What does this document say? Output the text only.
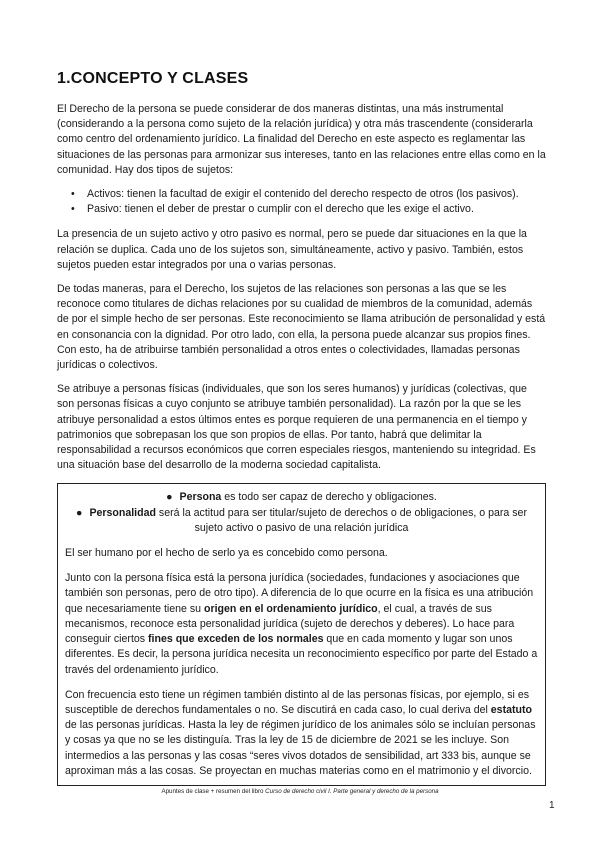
1.CONCEPTO Y CLASES

El Derecho de la persona se puede considerar de dos maneras distintas, una más instrumental (considerando a la persona como sujeto de la relación jurídica) y otra más trascendente (considerarla como centro del ordenamiento jurídico. La finalidad del Derecho en este aspecto es reglamentar las situaciones de las personas para armonizar sus intereses, tanto en las relaciones entre ellas como en la comunidad. Hay dos tipos de sujetos:

• Activos: tienen la facultad de exigir el contenido del derecho respecto de otros (los pasivos).
• Pasivo: tienen el deber de prestar o cumplir con el derecho que les exige el activo.

La presencia de un sujeto activo y otro pasivo es normal, pero se puede dar situaciones en la que la relación se duplica. Cada uno de los sujetos son, simultáneamente, activo y pasivo. También, estos sujetos pueden estar integrados por una o varias personas.

De todas maneras, para el Derecho, los sujetos de las relaciones son personas a las que se les reconoce como titulares de dichas relaciones por su cualidad de miembros de la comunidad, además de por el simple hecho de ser personas. Este reconocimiento se llama atribución de personalidad y está en consonancia con la dignidad. Por otro lado, con ella, la persona puede alcanzar sus propios fines. Con esto, ha de atribuirse también personalidad a otros entes o colectividades, llamadas personas jurídicas o colectivos.

Se atribuye a personas físicas (individuales, que son los seres humanos) y jurídicas (colectivas, que son personas físicas a cuyo conjunto se atribuye también personalidad). La razón por la que se les atribuye personalidad a estos últimos entes es porque requieren de una permanencia en el tiempo y patrimonios que sobrepasan los que son propios de ellas. Por tanto, habrá que delimitar la responsabilidad a recursos económicos que corren especiales riesgos, manteniendo su integridad. Es una situación base del desarrollo de la moderna sociedad capitalista.

● Persona es todo ser capaz de derecho y obligaciones.
● Personalidad será la actitud para ser titular/sujeto de derechos o de obligaciones, o para ser sujeto activo o pasivo de una relación jurídica

El ser humano por el hecho de serlo ya es concebido como persona.

Junto con la persona física está la persona jurídica (sociedades, fundaciones y asociaciones que también son personas, pero de otro tipo). A diferencia de lo que ocurre en la física es una atribución que necesariamente tiene su origen en el ordenamiento jurídico, el cual, a través de sus mecanismos, reconoce esta personalidad jurídica (sujeto de derechos y deberes). Lo hace para conseguir ciertos fines que exceden de los normales que en cada momento y lugar son unos diferentes. Es decir, la persona jurídica necesita un reconocimiento específico por parte del Estado a través del ordenamiento jurídico.

Con frecuencia esto tiene un régimen también distinto al de las personas físicas, por ejemplo, si es susceptible de derechos fundamentales o no. Se discutirá en cada caso, lo cual deriva del estatuto de las personas jurídicas. Hasta la ley de régimen jurídico de los animales sólo se incluían personas y cosas ya que no se les distinguía. Tras la ley de 15 de diciembre de 2021 se les incluye. Son intermedios a las personas y las cosas “seres vivos dotados de sensibilidad, art 333 bis, aunque se aproximan más a las cosas. Se proyectan en muchas materias como en el matrimonio y el divorcio.

Apuntes de clase + resumen del libro Curso de derecho civil I. Parte general y derecho de la persona
1
